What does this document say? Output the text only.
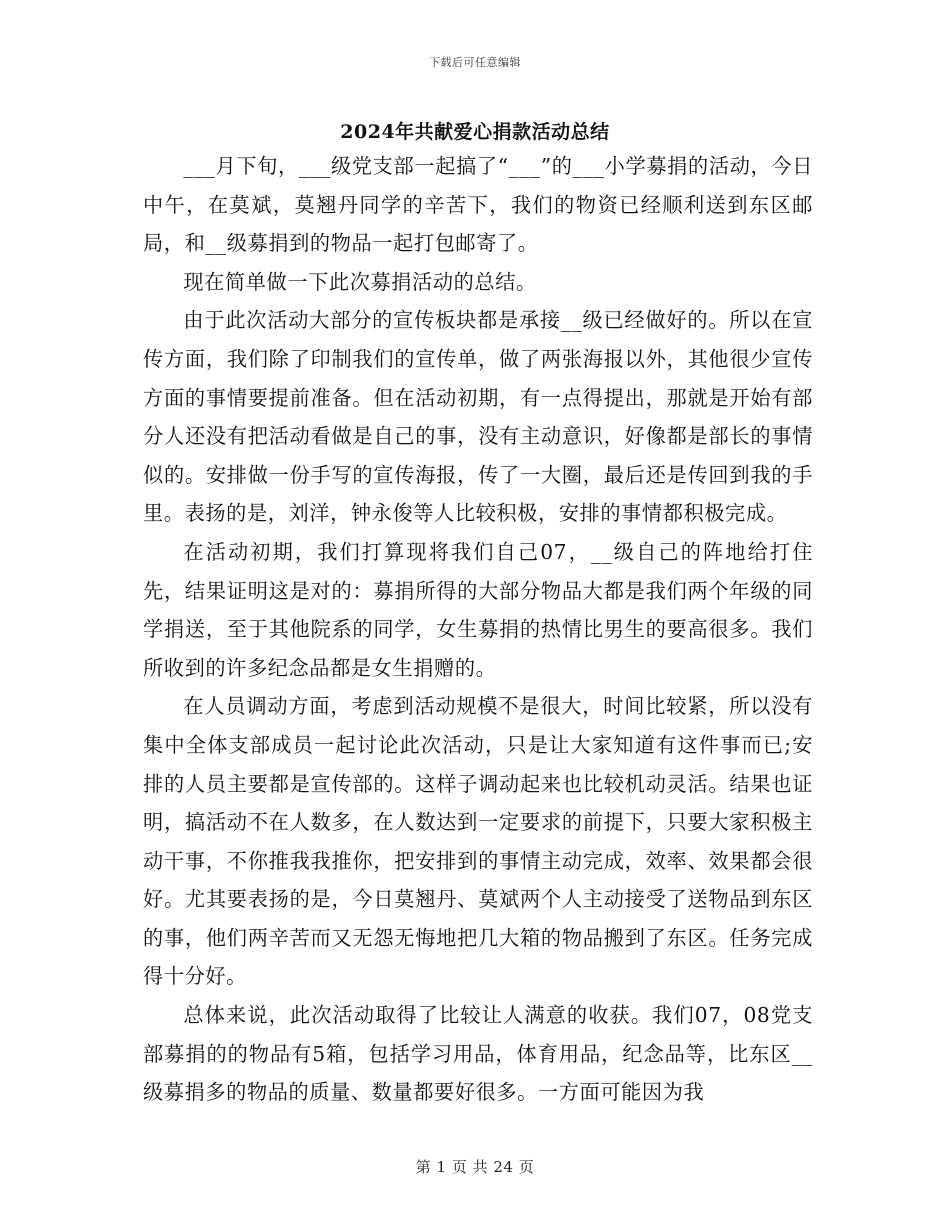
下载后可任意编辑
2024年共献爱心捐款活动总结

___月下旬，___级党支部一起搞了“___”的___小学募捐的活动，今日中午，在莫斌，莫翘丹同学的辛苦下，我们的物资已经顺利送到东区邮局，和__级募捐到的物品一起打包邮寄了。

现在简单做一下此次募捐活动的总结。

由于此次活动大部分的宣传板块都是承接__级已经做好的。所以在宣传方面，我们除了印制我们的宣传单，做了两张海报以外，其他很少宣传方面的事情要提前准备。但在活动初期，有一点得提出，那就是开始有部分人还没有把活动看做是自己的事，没有主动意识，好像都是部长的事情似的。安排做一份手写的宣传海报，传了一大圈，最后还是传回到我的手里。表扬的是，刘洋，钟永俊等人比较积极，安排的事情都积极完成。

在活动初期，我们打算现将我们自己07，__级自己的阵地给打住先，结果证明这是对的：募捐所得的大部分物品大都是我们两个年级的同学捐送，至于其他院系的同学，女生募捐的热情比男生的要高很多。我们所收到的许多纪念品都是女生捐赠的。

在人员调动方面，考虑到活动规模不是很大，时间比较紧，所以没有集中全体支部成员一起讨论此次活动，只是让大家知道有这件事而已;安排的人员主要都是宣传部的。这样子调动起来也比较机动灵活。结果也证明，搞活动不在人数多，在人数达到一定要求的前提下，只要大家积极主动干事，不你推我我推你，把安排到的事情主动完成，效率、效果都会很好。尤其要表扬的是，今日莫翘丹、莫斌两个人主动接受了送物品到东区的事，他们两辛苦而又无怨无悔地把几大箱的物品搬到了东区。任务完成得十分好。

总体来说，此次活动取得了比较让人满意的收获。我们07，08党支部募捐的的物品有5箱，包括学习用品，体育用品，纪念品等，比东区__级募捐多的物品的质量、数量都要好很多。一方面可能因为我

第 1 页 共 24 页
